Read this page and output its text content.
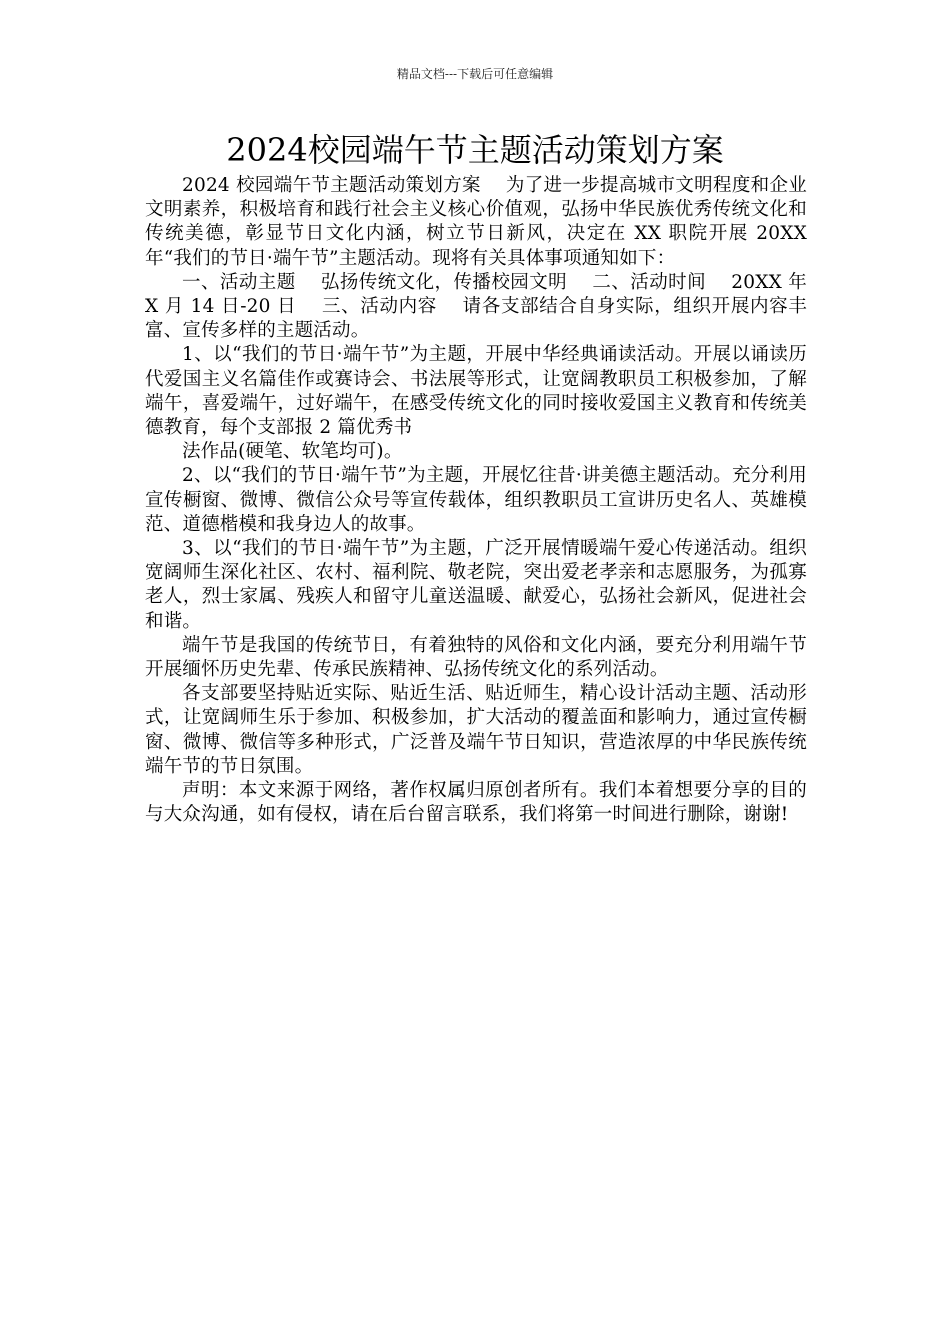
精品文档---下载后可任意编辑
2024校园端午节主题活动策划方案

2024 校园端午节主题活动策划方案　 为了进一步提高城市文明程度和企业文明素养，积极培育和践行社会主义核心价值观，弘扬中华民族优秀传统文化和传统美德，彰显节日文化内涵，树立节日新风，决定在 XX 职院开展 20XX 年“我们的节日·端午节”主题活动。现将有关具体事项通知如下：

一、活动主题　 弘扬传统文化，传播校园文明　 二、活动时间　 20XX 年 X 月 14 日-20 日　 三、活动内容　 请各支部结合自身实际，组织开展内容丰富、宣传多样的主题活动。

1、以“我们的节日·端午节”为主题，开展中华经典诵读活动。开展以诵读历代爱国主义名篇佳作或赛诗会、书法展等形式，让宽阔教职员工积极参加，了解端午，喜爱端午，过好端午，在感受传统文化的同时接收爱国主义教育和传统美德教育，每个支部报 2 篇优秀书

法作品(硬笔、软笔均可)。

2、以“我们的节日·端午节”为主题，开展忆往昔·讲美德主题活动。充分利用宣传橱窗、微博、微信公众号等宣传载体，组织教职员工宣讲历史名人、英雄模范、道德楷模和我身边人的故事。

3、以“我们的节日·端午节”为主题，广泛开展情暖端午爱心传递活动。组织宽阔师生深化社区、农村、福利院、敬老院，突出爱老孝亲和志愿服务，为孤寡老人，烈士家属、残疾人和留守儿童送温暖、献爱心，弘扬社会新风，促进社会和谐。

端午节是我国的传统节日，有着独特的风俗和文化内涵，要充分利用端午节开展缅怀历史先辈、传承民族精神、弘扬传统文化的系列活动。

各支部要坚持贴近实际、贴近生活、贴近师生，精心设计活动主题、活动形式，让宽阔师生乐于参加、积极参加，扩大活动的覆盖面和影响力，通过宣传橱窗、微博、微信等多种形式，广泛普及端午节日知识，营造浓厚的中华民族传统端午节的节日氛围。

声明：本文来源于网络，著作权属归原创者所有。我们本着想要分享的目的与大众沟通，如有侵权，请在后台留言联系，我们将第一时间进行删除，谢谢!
